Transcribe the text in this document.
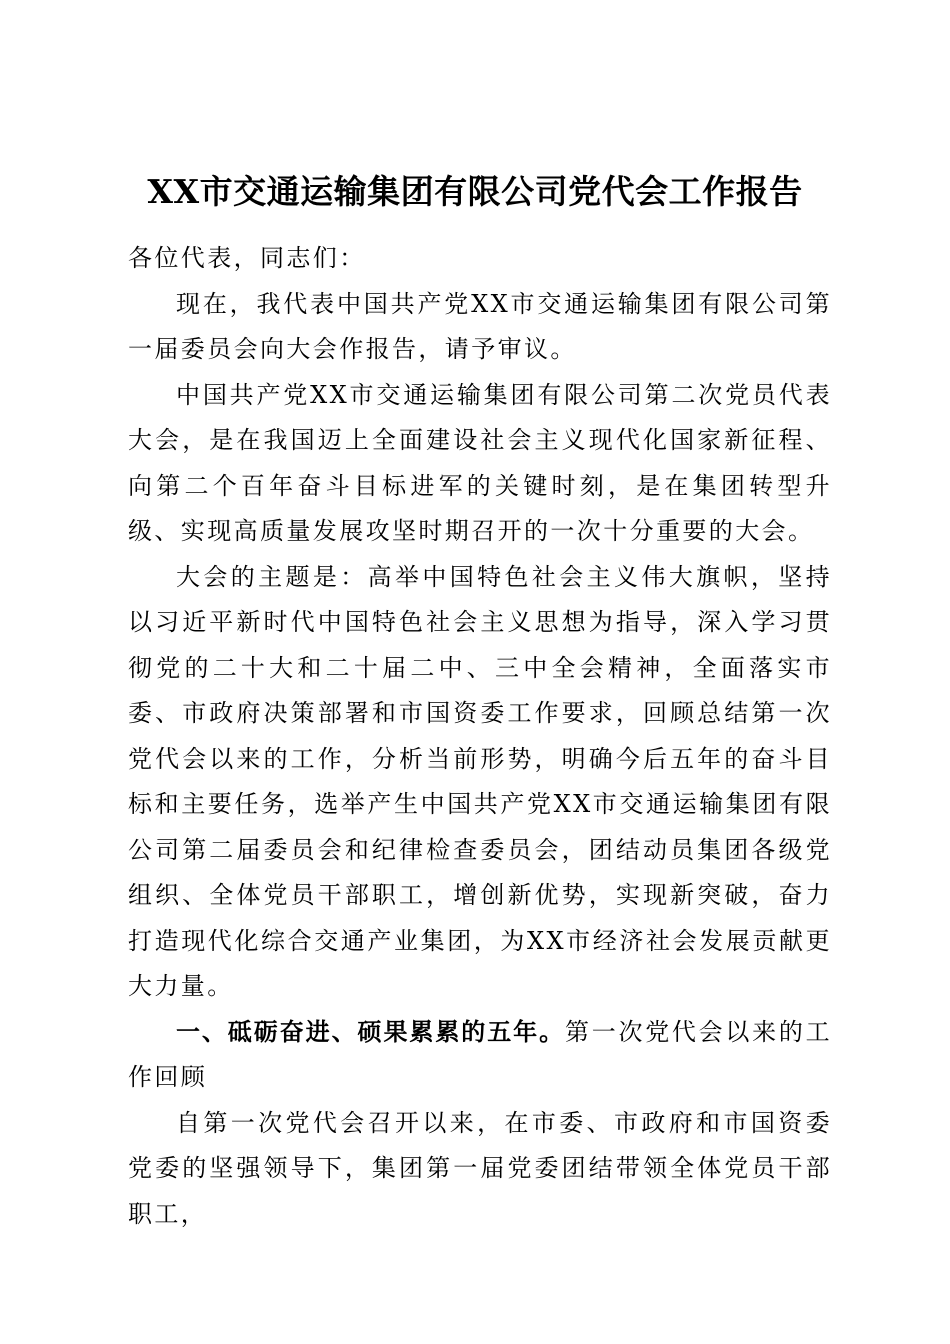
XX市交通运输集团有限公司党代会工作报告

各位代表，同志们：

现在，我代表中国共产党XX市交通运输集团有限公司第一届委员会向大会作报告，请予审议。

中国共产党XX市交通运输集团有限公司第二次党员代表大会，是在我国迈上全面建设社会主义现代化国家新征程、向第二个百年奋斗目标进军的关键时刻，是在集团转型升级、实现高质量发展攻坚时期召开的一次十分重要的大会。

大会的主题是：高举中国特色社会主义伟大旗帜，坚持以习近平新时代中国特色社会主义思想为指导，深入学习贯彻党的二十大和二十届二中、三中全会精神，全面落实市委、市政府决策部署和市国资委工作要求，回顾总结第一次党代会以来的工作，分析当前形势，明确今后五年的奋斗目标和主要任务，选举产生中国共产党XX市交通运输集团有限公司第二届委员会和纪律检查委员会，团结动员集团各级党组织、全体党员干部职工，增创新优势，实现新突破，奋力打造现代化综合交通产业集团，为XX市经济社会发展贡献更大力量。

一、砥砺奋进、硕果累累的五年。第一次党代会以来的工作回顾

自第一次党代会召开以来，在市委、市政府和市国资委党委的坚强领导下，集团第一届党委团结带领全体党员干部职工，
